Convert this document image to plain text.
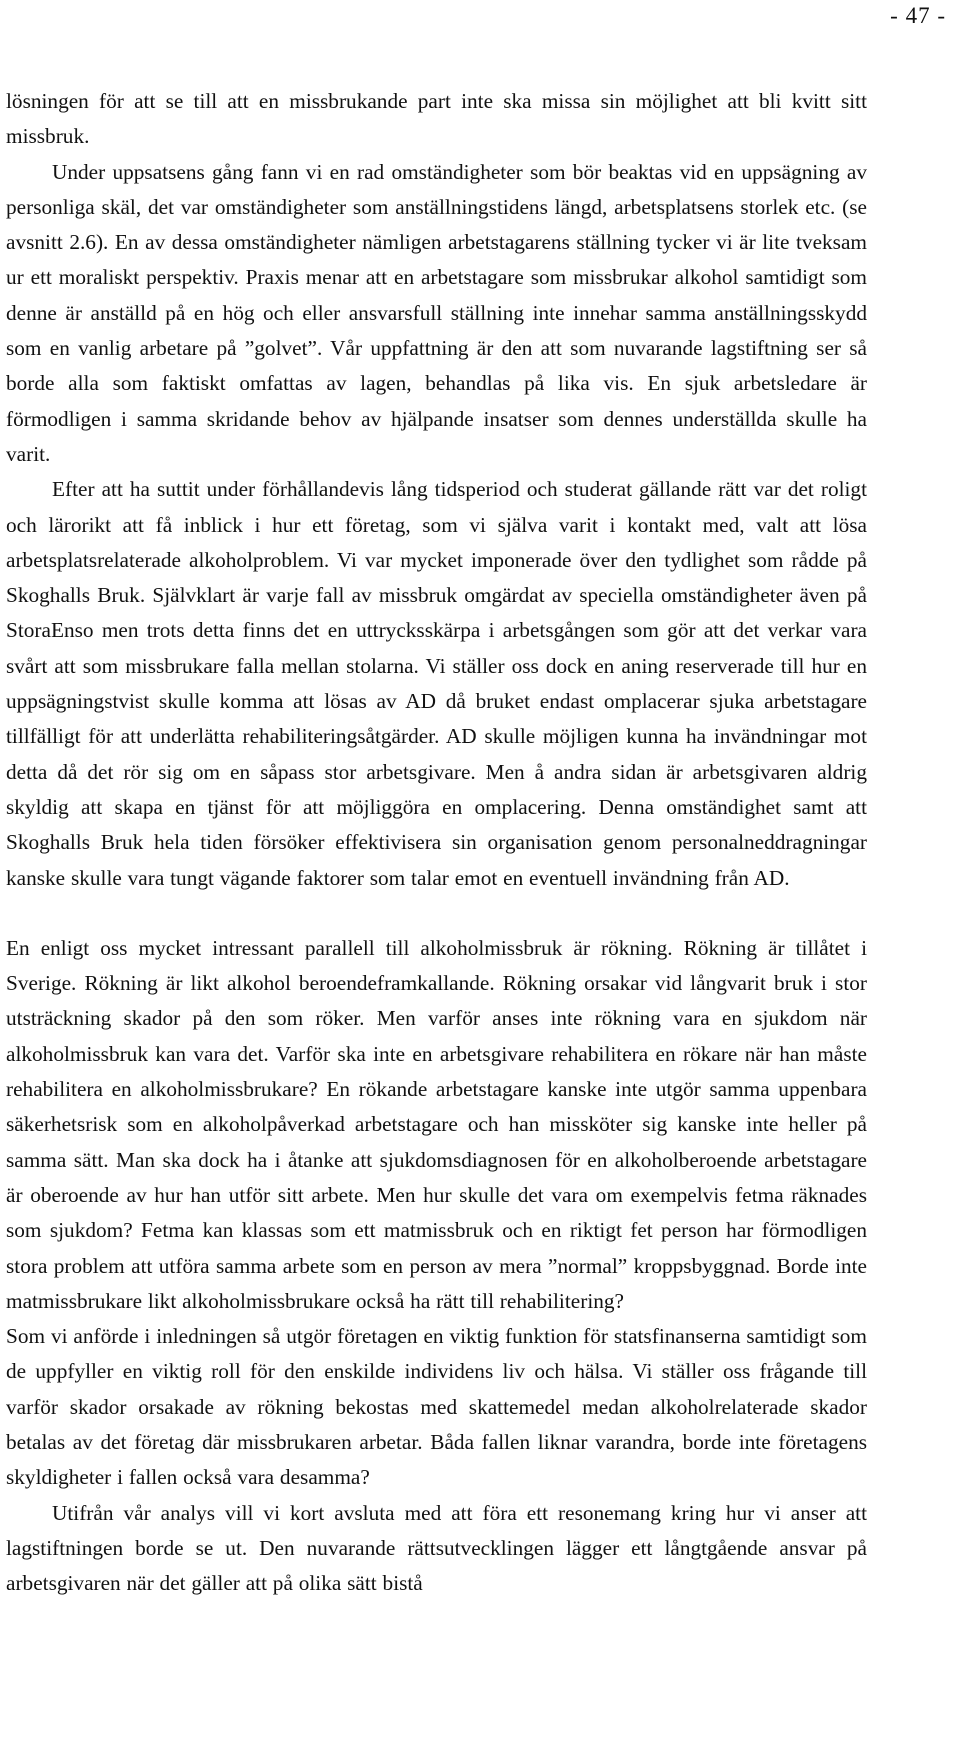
- 47 -

lösningen för att se till att en missbrukande part inte ska missa sin möjlighet att bli kvitt sitt missbruk.

Under uppsatsens gång fann vi en rad omständigheter som bör beaktas vid en uppsägning av personliga skäl, det var omständigheter som anställningstidens längd, arbetsplatsens storlek etc. (se avsnitt 2.6). En av dessa omständigheter nämligen arbetstagarens ställning tycker vi är lite tveksam ur ett moraliskt perspektiv. Praxis menar att en arbetstagare som missbrukar alkohol samtidigt som denne är anställd på en hög och eller ansvarsfull ställning inte innehar samma anställningsskydd som en vanlig arbetare på ”golvet”. Vår uppfattning är den att som nuvarande lagstiftning ser så borde alla som faktiskt omfattas av lagen, behandlas på lika vis. En sjuk arbetsledare är förmodligen i samma skridande behov av hjälpande insatser som dennes underställda skulle ha varit.

Efter att ha suttit under förhållandevis lång tidsperiod och studerat gällande rätt var det roligt och lärorikt att få inblick i hur ett företag, som vi själva varit i kontakt med, valt att lösa arbetsplatsrelaterade alkoholproblem. Vi var mycket imponerade över den tydlighet som rådde på Skoghalls Bruk. Självklart är varje fall av missbruk omgärdat av speciella omständigheter även på StoraEnso men trots detta finns det en uttrycksskärpa i arbetsgången som gör att det verkar vara svårt att som missbrukare falla mellan stolarna. Vi ställer oss dock en aning reserverade till hur en uppsägningstvist skulle komma att lösas av AD då bruket endast omplacerar sjuka arbetstagare tillfälligt för att underlätta rehabiliteringsåtgärder. AD skulle möjligen kunna ha invändningar mot detta då det rör sig om en såpass stor arbetsgivare. Men å andra sidan är arbetsgivaren aldrig skyldig att skapa en tjänst för att möjliggöra en omplacering. Denna omständighet samt att Skoghalls Bruk hela tiden försöker effektivisera sin organisation genom personalneddragningar kanske skulle vara tungt vägande faktorer som talar emot en eventuell invändning från AD.

En enligt oss mycket intressant parallell till alkoholmissbruk är rökning. Rökning är tillåtet i Sverige. Rökning är likt alkohol beroendeframkallande. Rökning orsakar vid långvarit bruk i stor utsträckning skador på den som röker. Men varför anses inte rökning vara en sjukdom när alkoholmissbruk kan vara det. Varför ska inte en arbetsgivare rehabilitera en rökare när han måste rehabilitera en alkoholmissbrukare? En rökande arbetstagare kanske inte utgör samma uppenbara säkerhetsrisk som en alkoholpåverkad arbetstagare och han missköter sig kanske inte heller på samma sätt. Man ska dock ha i åtanke att sjukdomsdiagnosen för en alkoholberoende arbetstagare är oberoende av hur han utför sitt arbete. Men hur skulle det vara om exempelvis fetma räknades som sjukdom? Fetma kan klassas som ett matmissbruk och en riktigt fet person har förmodligen stora problem att utföra samma arbete som en person av mera ”normal” kroppsbyggnad. Borde inte matmissbrukare likt alkoholmissbrukare också ha rätt till rehabilitering?

Som vi anförde i inledningen så utgör företagen en viktig funktion för statsfinanserna samtidigt som de uppfyller en viktig roll för den enskilde individens liv och hälsa. Vi ställer oss frågande till varför skador orsakade av rökning bekostas med skattemedel medan alkoholrelaterade skador betalas av det företag där missbrukaren arbetar. Båda fallen liknar varandra, borde inte företagens skyldigheter i fallen också vara desamma?

Utifrån vår analys vill vi kort avsluta med att föra ett resonemang kring hur vi anser att lagstiftningen borde se ut. Den nuvarande rättsutvecklingen lägger ett långtgående ansvar på arbetsgivaren när det gäller att på olika sätt bistå
